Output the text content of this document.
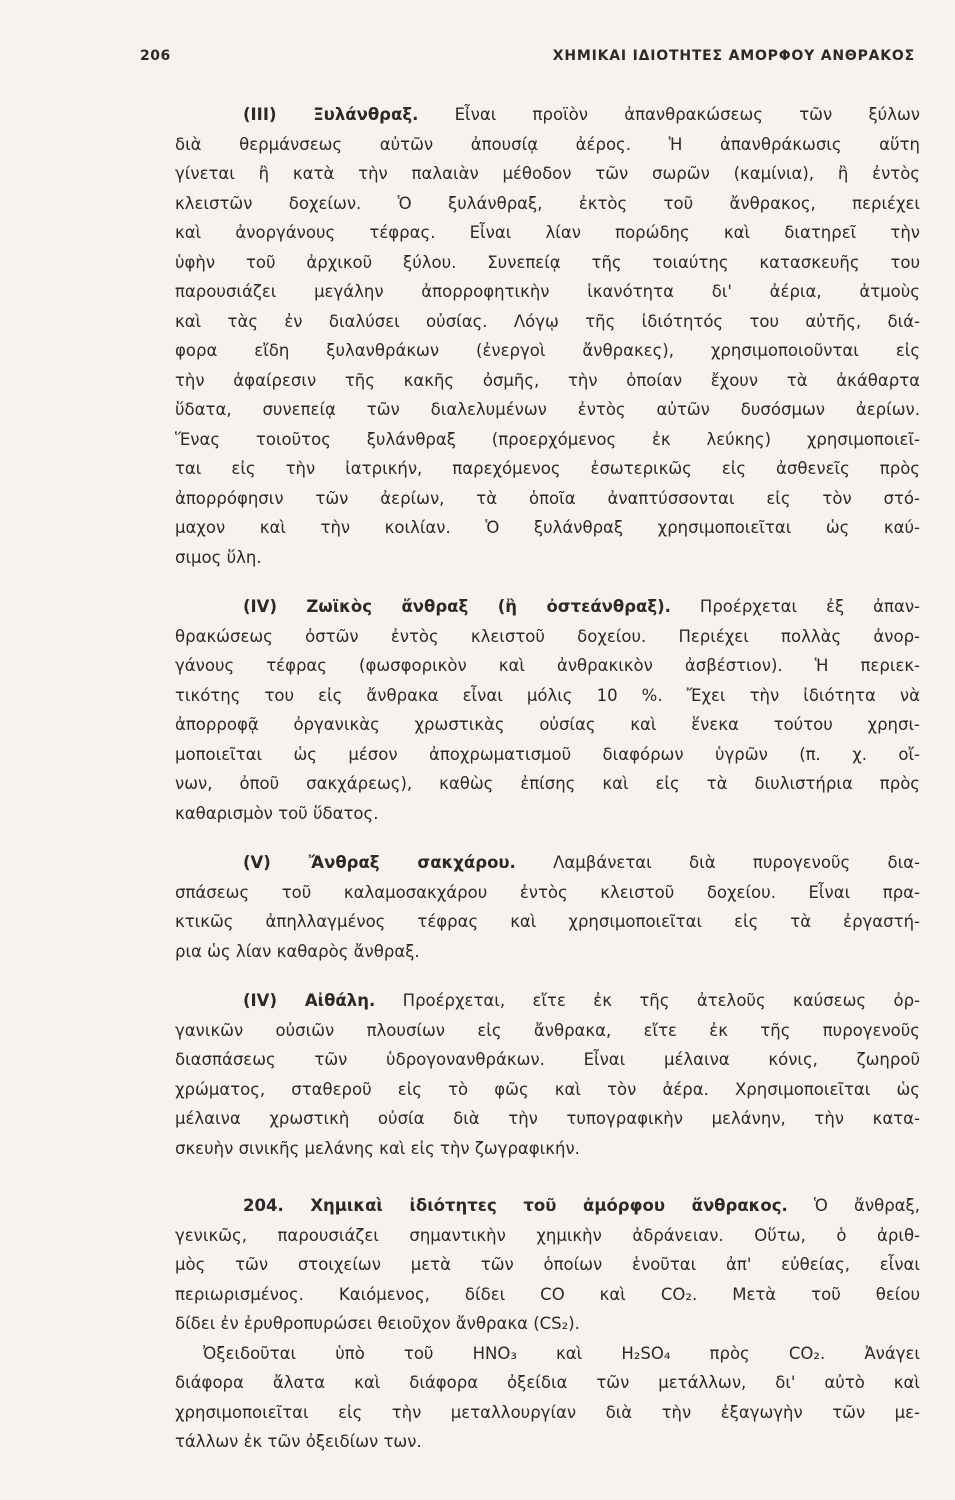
206	ΧΗΜΙΚΑΙ ΙΔΙΟΤΗΤΕΣ ΑΜΟΡΦΟΥ ΑΝΘΡΑΚΟΣ

(III) Ξυλάνθραξ. Εἶναι προϊὸν ἀπανθρακώσεως τῶν ξύλων
διὰ θερμάνσεως αὐτῶν ἀπουσίᾳ ἀέρος. Ἡ ἀπανθράκωσις αὕτη
γίνεται ἢ κατὰ τὴν παλαιὰν μέθοδον τῶν σωρῶν (καμίνια), ἢ ἐντὸς
κλειστῶν δοχείων. Ὁ ξυλάνθραξ, ἐκτὸς τοῦ ἄνθρακος, περιέχει
καὶ ἀνοργάνους τέφρας. Εἶναι λίαν πορώδης καὶ διατηρεῖ τὴν
ὑφὴν τοῦ ἀρχικοῦ ξύλου. Συνεπείᾳ τῆς τοιαύτης κατασκευῆς του
παρουσιάζει μεγάλην ἀπορροφητικὴν ἱκανότητα δι' ἀέρια, ἀτμοὺς
καὶ τὰς ἐν διαλύσει οὐσίας. Λόγῳ τῆς ἰδιότητός του αὐτῆς, διά-
φορα εἴδη ξυλανθράκων (ἐνεργοὶ ἄνθρακες), χρησιμοποιοῦνται εἰς
τὴν ἀφαίρεσιν τῆς κακῆς ὀσμῆς, τὴν ὁποίαν ἔχουν τὰ ἀκάθαρτα
ὕδατα, συνεπείᾳ τῶν διαλελυμένων ἐντὸς αὐτῶν δυσόσμων ἀερίων.
Ἕνας τοιοῦτος ξυλάνθραξ (προερχόμενος ἐκ λεύκης) χρησιμοποιεῖ-
ται εἰς τὴν ἰατρικήν, παρεχόμενος ἐσωτερικῶς εἰς ἀσθενεῖς πρὸς
ἀπορρόφησιν τῶν ἀερίων, τὰ ὁποῖα ἀναπτύσσονται εἰς τὸν στό-
μαχον καὶ τὴν κοιλίαν. Ὁ ξυλάνθραξ χρησιμοποιεῖται ὡς καύ-
σιμος ὕλη.

(IV) Ζωϊκὸς ἄνθραξ (ἢ ὀστεάνθραξ). Προέρχεται ἐξ ἀπαν-
θρακώσεως ὀστῶν ἐντὸς κλειστοῦ δοχείου. Περιέχει πολλὰς ἀνορ-
γάνους τέφρας (φωσφορικὸν καὶ ἀνθρακικὸν ἀσβέστιον). Ἡ περιεκ-
τικότης του εἰς ἄνθρακα εἶναι μόλις 10 %. Ἔχει τὴν ἰδιότητα νὰ
ἀπορροφᾷ ὀργανικὰς χρωστικὰς οὐσίας καὶ ἕνεκα τούτου χρησι-
μοποιεῖται ὡς μέσον ἀποχρωματισμοῦ διαφόρων ὑγρῶν (π. χ. οἴ-
νων, ὀποῦ σακχάρεως), καθὼς ἐπίσης καὶ εἰς τὰ διυλιστήρια πρὸς
καθαρισμὸν τοῦ ὕδατος.

(V) Ἄνθραξ σακχάρου. Λαμβάνεται διὰ πυρογενοῦς δια-
σπάσεως τοῦ καλαμοσακχάρου ἐντὸς κλειστοῦ δοχείου. Εἶναι πρα-
κτικῶς ἀπηλλαγμένος τέφρας καὶ χρησιμοποιεῖται εἰς τὰ ἐργαστή-
ρια ὡς λίαν καθαρὸς ἄνθραξ.

(IV) Αἰθάλη. Προέρχεται, εἴτε ἐκ τῆς ἀτελοῦς καύσεως ὀρ-
γανικῶν οὐσιῶν πλουσίων εἰς ἄνθρακα, εἴτε ἐκ τῆς πυρογενοῦς
διασπάσεως τῶν ὑδρογονανθράκων. Εἶναι μέλαινα κόνις, ζωηροῦ
χρώματος, σταθεροῦ εἰς τὸ φῶς καὶ τὸν ἀέρα. Χρησιμοποιεῖται ὡς
μέλαινα χρωστικὴ οὐσία διὰ τὴν τυπογραφικὴν μελάνην, τὴν κατα-
σκευὴν σινικῆς μελάνης καὶ εἰς τὴν ζωγραφικήν.

204. Χημικαὶ ἰδιότητες τοῦ ἀμόρφου ἄνθρακος. Ὁ ἄνθραξ,
γενικῶς, παρουσιάζει σημαντικὴν χημικὴν ἀδράνειαν. Οὕτω, ὁ ἀριθ-
μὸς τῶν στοιχείων μετὰ τῶν ὁποίων ἑνοῦται ἀπ' εὐθείας, εἶναι
περιωρισμένος. Καιόμενος, δίδει CO καὶ CO₂. Μετὰ τοῦ θείου
δίδει ἐν ἐρυθροπυρώσει θειοῦχον ἄνθρακα (CS₂).
Ὀξειδοῦται ὑπὸ τοῦ HNO₃ καὶ H₂SO₄ πρὸς CO₂. Ἀνάγει
διάφορα ἄλατα καὶ διάφορα ὀξείδια τῶν μετάλλων, δι' αὐτὸ καὶ
χρησιμοποιεῖται εἰς τὴν μεταλλουργίαν διὰ τὴν ἐξαγωγὴν τῶν με-
τάλλων ἐκ τῶν ὀξειδίων των.
